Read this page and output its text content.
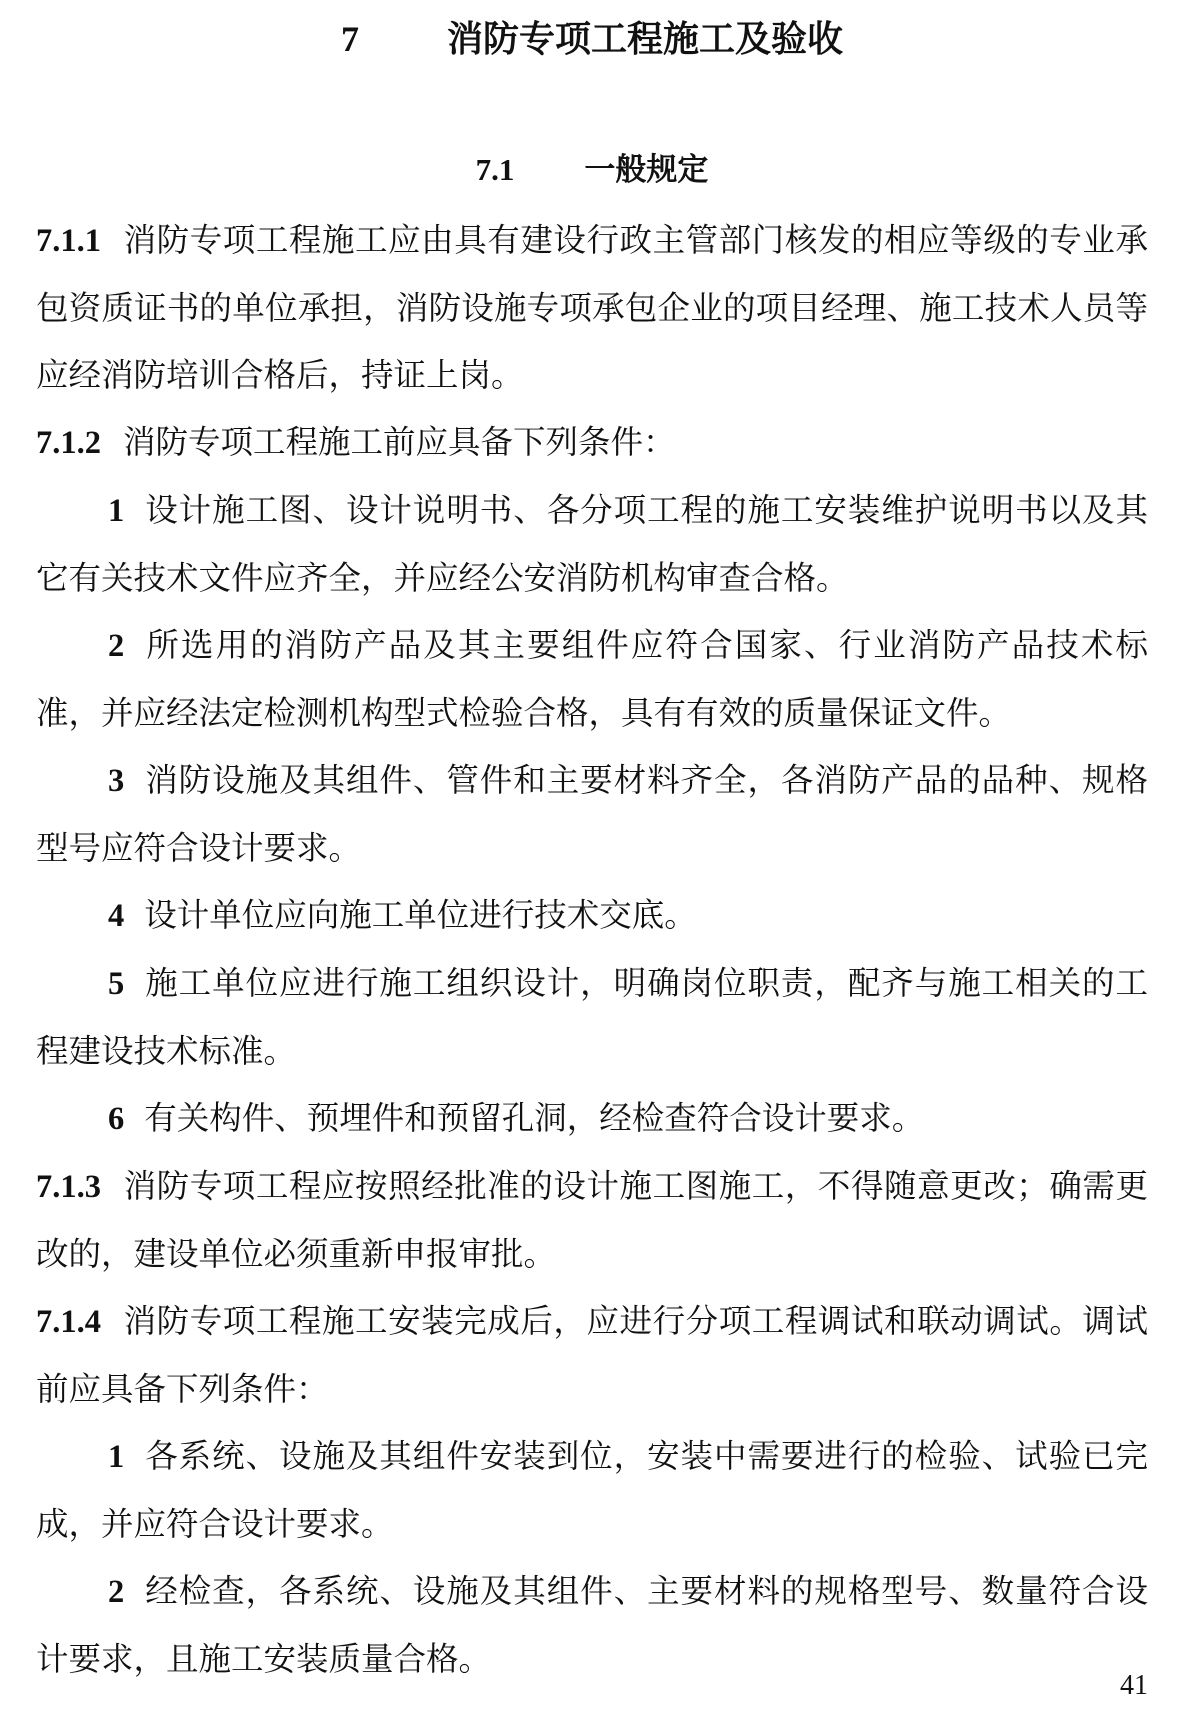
7 消防专项工程施工及验收
7.1 一般规定

7.1.1 消防专项工程施工应由具有建设行政主管部门核发的相应等级的专业承包资质证书的单位承担，消防设施专项承包企业的项目经理、施工技术人员等应经消防培训合格后，持证上岗。

7.1.2 消防专项工程施工前应具备下列条件：

1 设计施工图、设计说明书、各分项工程的施工安装维护说明书以及其它有关技术文件应齐全，并应经公安消防机构审查合格。

2 所选用的消防产品及其主要组件应符合国家、行业消防产品技术标准，并应经法定检测机构型式检验合格，具有有效的质量保证文件。

3 消防设施及其组件、管件和主要材料齐全，各消防产品的品种、规格型号应符合设计要求。

4 设计单位应向施工单位进行技术交底。

5 施工单位应进行施工组织设计，明确岗位职责，配齐与施工相关的工程建设技术标准。

6 有关构件、预埋件和预留孔洞，经检查符合设计要求。

7.1.3 消防专项工程应按照经批准的设计施工图施工，不得随意更改；确需更改的，建设单位必须重新申报审批。

7.1.4 消防专项工程施工安装完成后，应进行分项工程调试和联动调试。调试前应具备下列条件：

1 各系统、设施及其组件安装到位，安装中需要进行的检验、试验已完成，并应符合设计要求。

2 经检查，各系统、设施及其组件、主要材料的规格型号、数量符合设计要求，且施工安装质量合格。

41
